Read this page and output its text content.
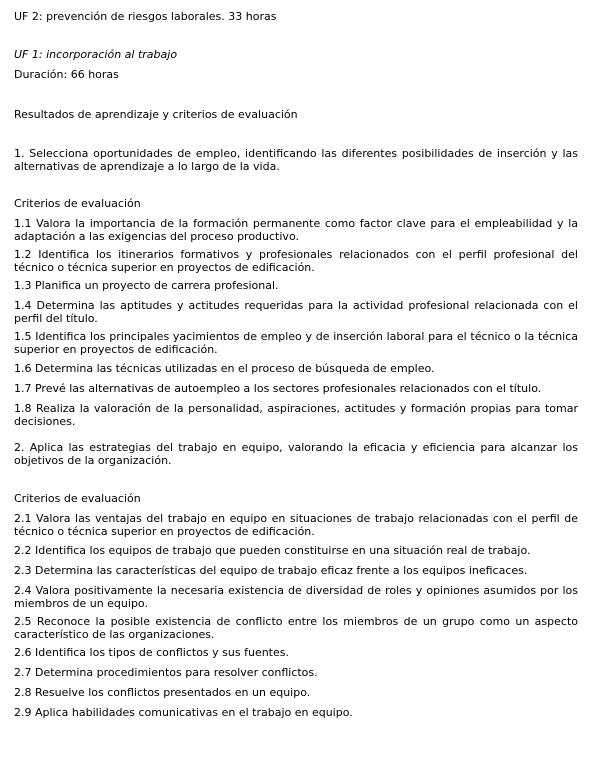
UF 2: prevención de riesgos laborales. 33 horas

UF 1: incorporación al trabajo

Duración: 66 horas

Resultados de aprendizaje y criterios de evaluación

1. Selecciona oportunidades de empleo, identificando las diferentes posibilidades de inserción y las alternativas de aprendizaje a lo largo de la vida.

Criterios de evaluación

1.1 Valora la importancia de la formación permanente como factor clave para el empleabilidad y la adaptación a las exigencias del proceso productivo.

1.2 Identifica los itinerarios formativos y profesionales relacionados con el perfil profesional del técnico o técnica superior en proyectos de edificación.

1.3 Planifica un proyecto de carrera profesional.

1.4 Determina las aptitudes y actitudes requeridas para la actividad profesional relacionada con el perfil del título.

1.5 Identifica los principales yacimientos de empleo y de inserción laboral para el técnico o la técnica superior en proyectos de edificación.

1.6 Determina las técnicas utilizadas en el proceso de búsqueda de empleo.

1.7 Prevé las alternativas de autoempleo a los sectores profesionales relacionados con el título.

1.8 Realiza la valoración de la personalidad, aspiraciones, actitudes y formación propias para tomar decisiones.

2. Aplica las estrategias del trabajo en equipo, valorando la eficacia y eficiencia para alcanzar los objetivos de la organización.

Criterios de evaluación

2.1 Valora las ventajas del trabajo en equipo en situaciones de trabajo relacionadas con el perfil de técnico o técnica superior en proyectos de edificación.

2.2 Identifica los equipos de trabajo que pueden constituirse en una situación real de trabajo.

2.3 Determina las características del equipo de trabajo eficaz frente a los equipos ineficaces.

2.4 Valora positivamente la necesaria existencia de diversidad de roles y opiniones asumidos por los miembros de un equipo.

2.5 Reconoce la posible existencia de conflicto entre los miembros de un grupo como un aspecto característico de las organizaciones.

2.6 Identifica los tipos de conflictos y sus fuentes.

2.7 Determina procedimientos para resolver conflictos.

2.8 Resuelve los conflictos presentados en un equipo.

2.9 Aplica habilidades comunicativas en el trabajo en equipo.
